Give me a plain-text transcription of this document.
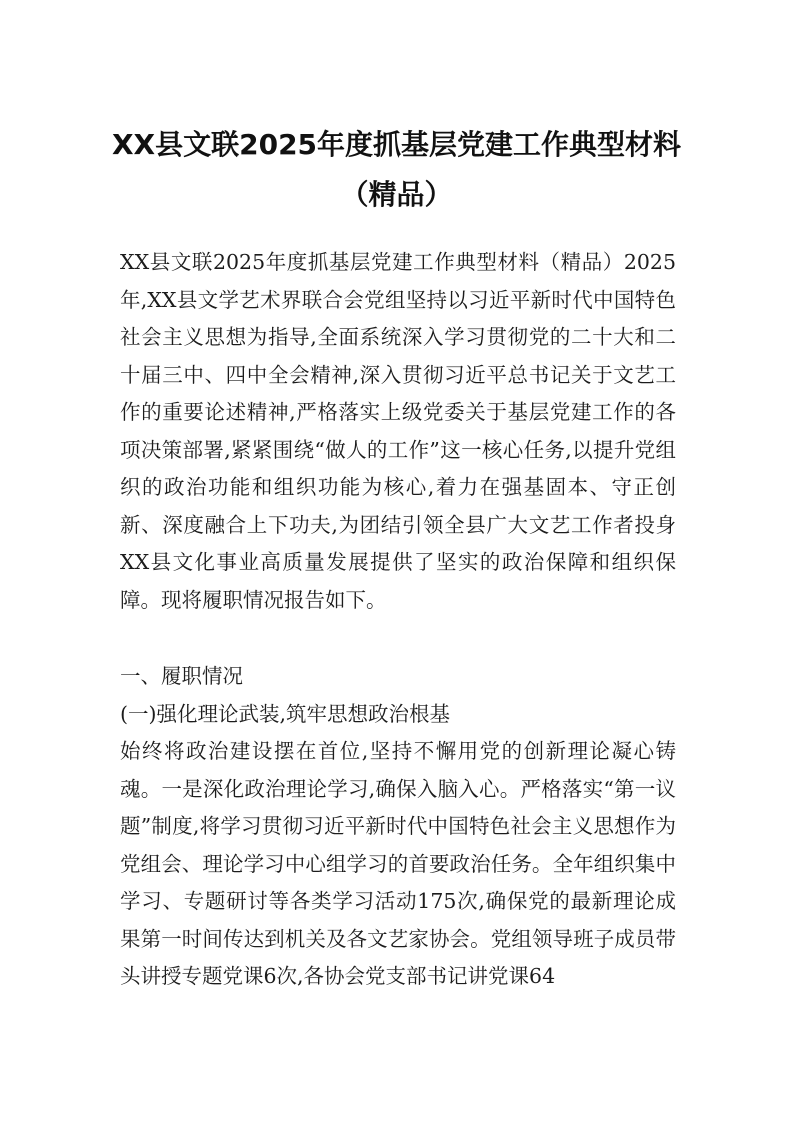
XX县文联2025年度抓基层党建工作典型材料（精品）

XX县文联2025年度抓基层党建工作典型材料（精品）2025年,XX县文学艺术界联合会党组坚持以习近平新时代中国特色社会主义思想为指导,全面系统深入学习贯彻党的二十大和二十届三中、四中全会精神,深入贯彻习近平总书记关于文艺工作的重要论述精神,严格落实上级党委关于基层党建工作的各项决策部署,紧紧围绕“做人的工作”这一核心任务,以提升党组织的政治功能和组织功能为核心,着力在强基固本、守正创新、深度融合上下功夫,为团结引领全县广大文艺工作者投身XX县文化事业高质量发展提供了坚实的政治保障和组织保障。现将履职情况报告如下。

一、履职情况

(一)强化理论武装,筑牢思想政治根基

始终将政治建设摆在首位,坚持不懈用党的创新理论凝心铸魂。一是深化政治理论学习,确保入脑入心。严格落实“第一议题”制度,将学习贯彻习近平新时代中国特色社会主义思想作为党组会、理论学习中心组学习的首要政治任务。全年组织集中学习、专题研讨等各类学习活动175次,确保党的最新理论成果第一时间传达到机关及各文艺家协会。党组领导班子成员带头讲授专题党课6次,各协会党支部书记讲党课64
